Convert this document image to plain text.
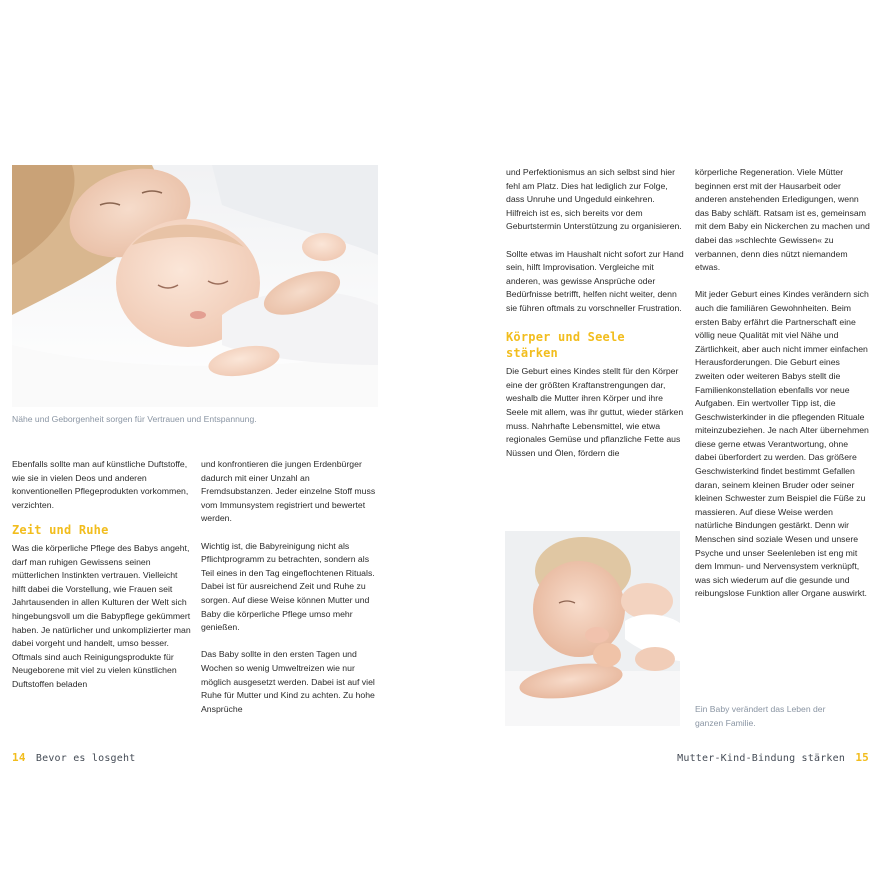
Nähe und Geborgenheit sorgen für Vertrauen und Entspannung.

Ebenfalls sollte man auf künstliche Duftstoffe, wie sie in vielen Deos und anderen konventionellen Pflegeprodukten vorkommen, verzichten.

Zeit und Ruhe

Was die körperliche Pflege des Babys angeht, darf man ruhigen Gewissens seinen mütterlichen Instinkten vertrauen. Vielleicht hilft dabei die Vorstellung, wie Frauen seit Jahrtausenden in allen Kulturen der Welt sich hingebungsvoll um die Babypflege gekümmert haben. Je natürlicher und unkomplizierter man dabei vorgeht und handelt, umso besser. Oftmals sind auch Reinigungsprodukte für Neugeborene mit viel zu vielen künstlichen Duftstoffen beladen

und konfrontieren die jungen Erdenbürger dadurch mit einer Unzahl an Fremdsubstanzen. Jeder einzelne Stoff muss vom Immunsystem registriert und bewertet werden.

Wichtig ist, die Babyreinigung nicht als Pflichtprogramm zu betrachten, sondern als Teil eines in den Tag eingeflochtenen Rituals. Dabei ist für ausreichend Zeit und Ruhe zu sorgen. Auf diese Weise können Mutter und Baby die körperliche Pflege umso mehr genießen.

Das Baby sollte in den ersten Tagen und Wochen so wenig Umweltreizen wie nur möglich ausgesetzt werden. Dabei ist auf viel Ruhe für Mutter und Kind zu achten. Zu hohe Ansprüche

14 Bevor es losgeht

und Perfektionismus an sich selbst sind hier fehl am Platz. Dies hat lediglich zur Folge, dass Unruhe und Ungeduld einkehren. Hilfreich ist es, sich bereits vor dem Geburtstermin Unterstützung zu organisieren.

Sollte etwas im Haushalt nicht sofort zur Hand sein, hilft Improvisation. Vergleiche mit anderen, was gewisse Ansprüche oder Bedürfnisse betrifft, helfen nicht weiter, denn sie führen oftmals zu vorschneller Frustration.

Körper und Seele stärken

Die Geburt eines Kindes stellt für den Körper eine der größten Kraftanstrengungen dar, weshalb die Mutter ihren Körper und ihre Seele mit allem, was ihr guttut, wieder stärken muss. Nahrhafte Lebensmittel, wie etwa regionales Gemüse und pflanzliche Fette aus Nüssen und Ölen, fördern die

körperliche Regeneration. Viele Mütter beginnen erst mit der Hausarbeit oder anderen anstehenden Erledigungen, wenn das Baby schläft. Ratsam ist es, gemeinsam mit dem Baby ein Nickerchen zu machen und dabei das »schlechte Gewissen« zu verbannen, denn dies nützt niemandem etwas.

Mit jeder Geburt eines Kindes verändern sich auch die familiären Gewohnheiten. Beim ersten Baby erfährt die Partnerschaft eine völlig neue Qualität mit viel Nähe und Zärtlichkeit, aber auch nicht immer einfachen Herausforderungen. Die Geburt eines zweiten oder weiteren Babys stellt die Familienkonstellation ebenfalls vor neue Aufgaben. Ein wertvoller Tipp ist, die Geschwisterkinder in die pflegenden Rituale miteinzubeziehen. Je nach Alter übernehmen diese gerne etwas Verantwortung, ohne dabei überfordert zu werden. Das größere Geschwisterkind findet bestimmt Gefallen daran, seinem kleinen Bruder oder seiner kleinen Schwester zum Beispiel die Füße zu massieren. Auf diese Weise werden natürliche Bindungen gestärkt. Denn wir Menschen sind soziale Wesen und unsere Psyche und unser Seelenleben ist eng mit dem Immun- und Nervensystem verknüpft, was sich wiederum auf die gesunde und reibungslose Funktion aller Organe auswirkt.

Ein Baby verändert das Leben der ganzen Familie.
Mutter-Kind-Bindung stärken 15
